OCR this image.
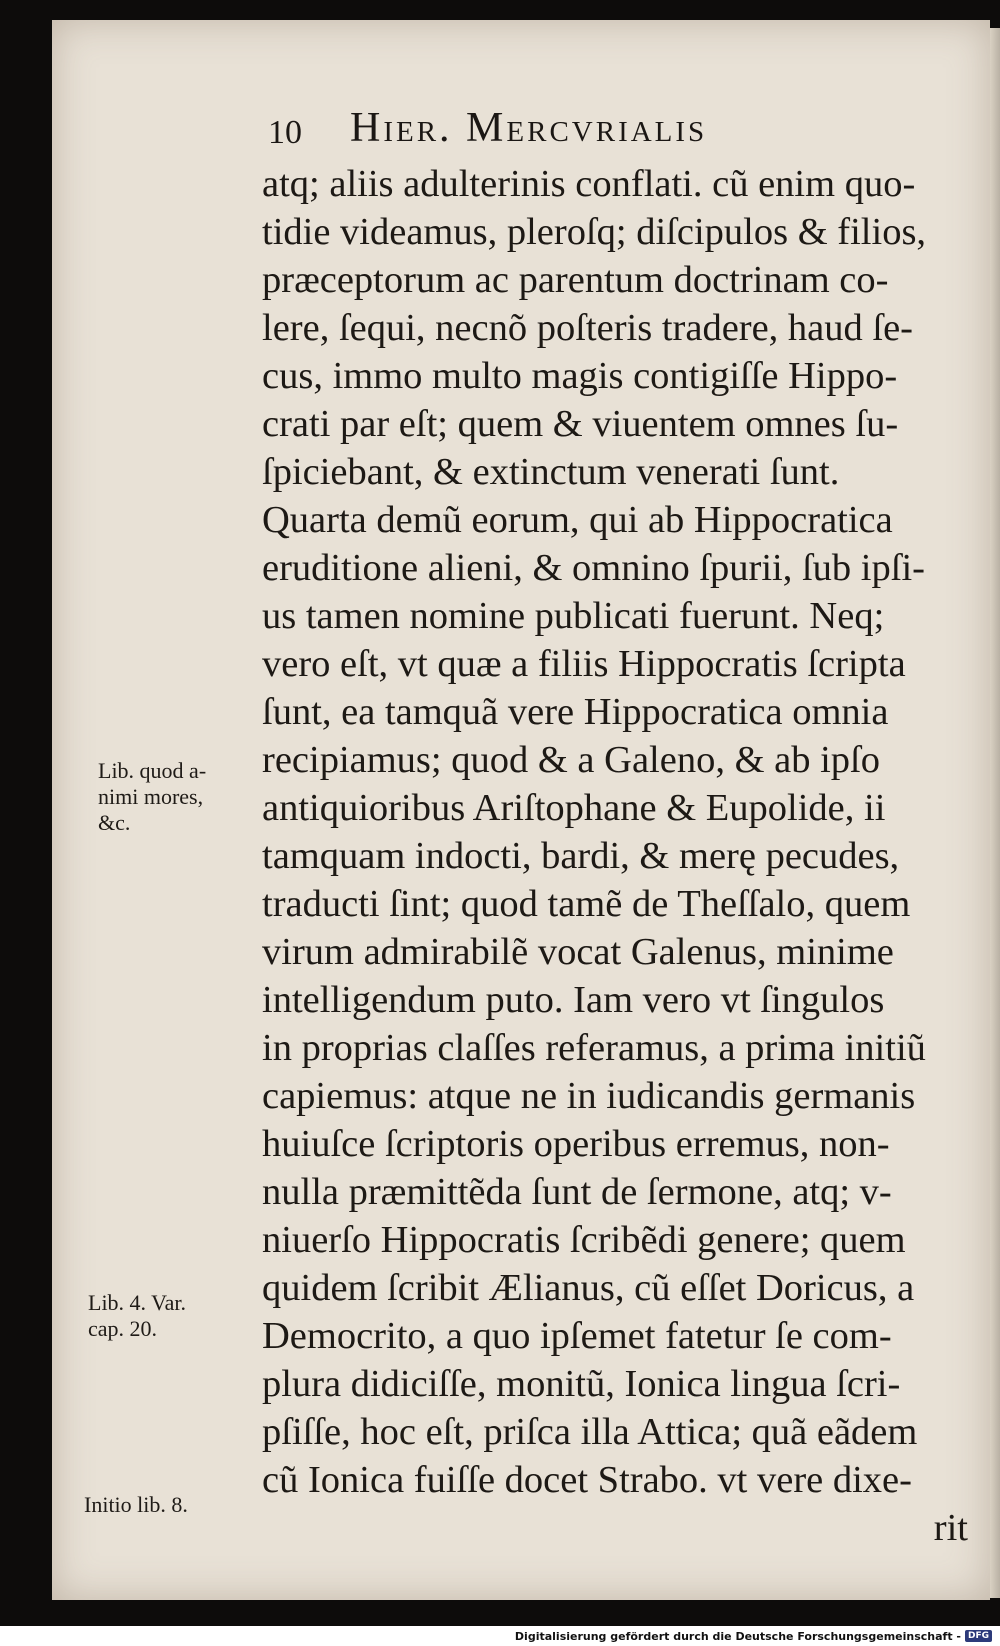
10 Hier. Mercvrialis
atq; aliis adulterinis conflati. cũ enim quo-
tidie videamus, pleroſq; diſcipulos & filios,
præceptorum ac parentum doctrinam co-
lere, ſequi, necnõ poſteris tradere, haud ſe-
cus, immo multo magis contigiſſe Hippo-
crati par eſt; quem & viuentem omnes ſu-
ſpiciebant, & extinctum venerati ſunt.
Quarta demũ eorum, qui ab Hippocratica
eruditione alieni, & omnino ſpurii, ſub ipſi-
us tamen nomine publicati fuerunt. Neq;
vero eſt, vt quæ a filiis Hippocratis ſcripta
ſunt, ea tamquã vere Hippocratica omnia
recipiamus; quod & a Galeno, & ab ipſo
antiquioribus Ariſtophane & Eupolide, ii
tamquam indocti, bardi, & merę pecudes,
traducti ſint; quod tamẽ de Theſſalo, quem
virum admirabilẽ vocat Galenus, minime
intelligendum puto. Iam vero vt ſingulos
in proprias claſſes referamus, a prima initiũ
capiemus: atque ne in iudicandis germanis
huiuſce ſcriptoris operibus erremus, non-
nulla præmittẽda ſunt de ſermone, atq; v-
niuerſo Hippocratis ſcribẽdi genere; quem
quidem ſcribit Ælianus, cũ eſſet Doricus, a
Democrito, a quo ipſemet fatetur ſe com-
plura didiciſſe, monitũ, Ionica lingua ſcri-
pſiſſe, hoc eſt, priſca illa Attica; quã eãdem
cũ Ionica fuiſſe docet Strabo. vt vere dixe-
rit
Lib. quod a-
nimi mores,
&c.
Lib. 4. Var.
cap. 20.
Initio lib. 8.
Digitalisierung gefördert durch die Deutsche Forschungsgemeinschaft - DFG
